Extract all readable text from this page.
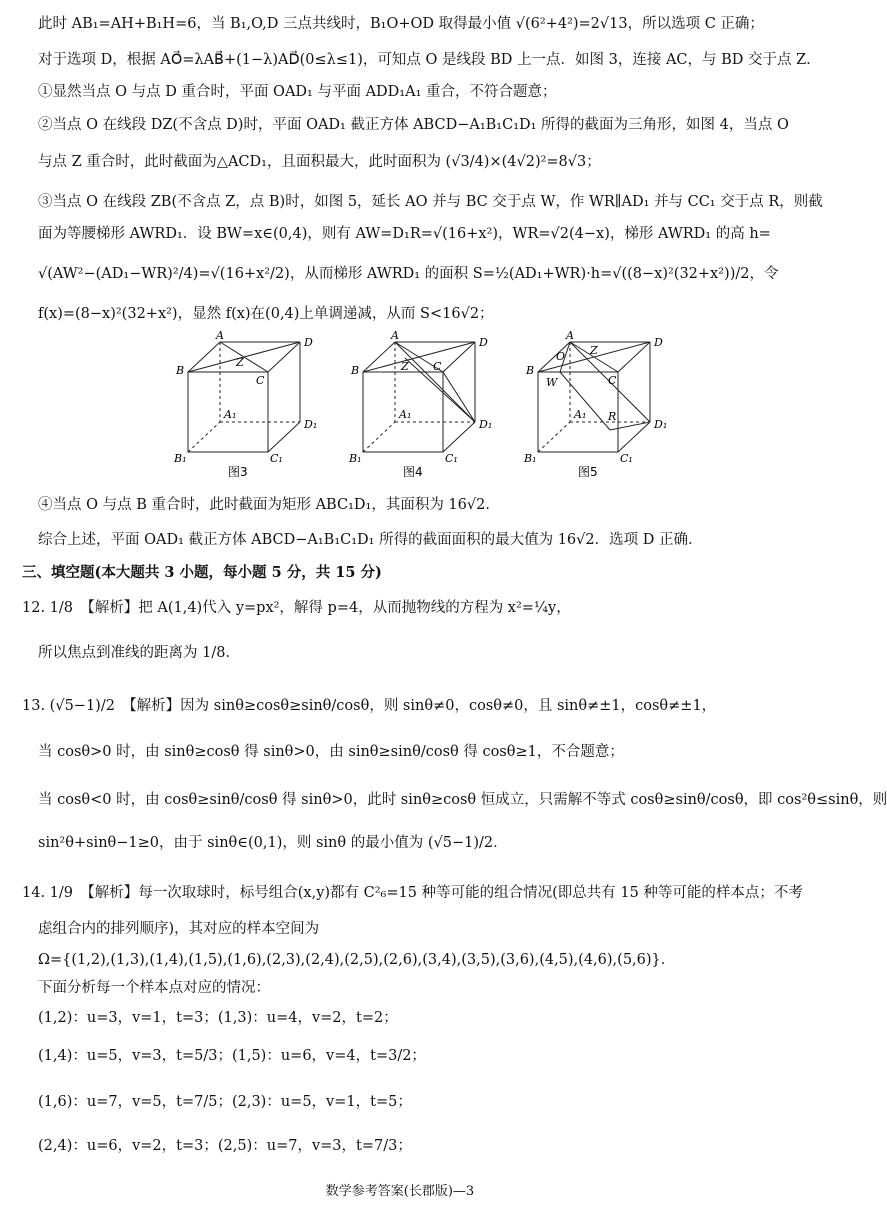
此时 AB₁=AH+B₁H=6，当 B₁,O,D 三点共线时，B₁O+OD 取得最小值 √(6²+4²)=2√13，所以选项 C 正确；
对于选项 D，根据 AO⃗=λAB⃗+(1−λ)AD⃗(0≤λ≤1)，可知点 O 是线段 BD 上一点．如图 3，连接 AC，与 BD 交于点 Z．
①显然当点 O 与点 D 重合时，平面 OAD₁ 与平面 ADD₁A₁ 重合，不符合题意；
②当点 O 在线段 DZ(不含点 D)时，平面 OAD₁ 截正方体 ABCD−A₁B₁C₁D₁ 所得的截面为三角形，如图 4，当点 O
与点 Z 重合时，此时截面为△ACD₁，且面积最大，此时面积为 (√3/4)×(4√2)²=8√3；
③当点 O 在线段 ZB(不含点 Z，点 B)时，如图 5，延长 AO 并与 BC 交于点 W，作 WR∥AD₁ 并与 CC₁ 交于点 R，则截
面为等腰梯形 AWRD₁．设 BW=x∈(0,4)，则有 AW=D₁R=√(16+x²)，WR=√2(4−x)，梯形 AWRD₁ 的高 h=
√(AW²−(AD₁−WR)²/4)=√(16+x²/2)，从而梯形 AWRD₁ 的面积 S=½(AD₁+WR)·h=√((8−x)²(32+x²))/2，令
f(x)=(8−x)²(32+x²)，显然 f(x)在(0,4)上单调递减，从而 S<16√2；
A
B
C
D
Z
A₁
B₁	C₁
D₁
图3
A
B	C
D
Z
A₁
B₁	C₁
D₁
图4
A
O Z
B
W	C
D
R
A₁
B₁	C₁
D₁
图5
④当点 O 与点 B 重合时，此时截面为矩形 ABC₁D₁，其面积为 16√2．
综合上述，平面 OAD₁ 截正方体 ABCD−A₁B₁C₁D₁ 所得的截面面积的最大值为 16√2．选项 D 正确．
三、填空题(本大题共 3 小题，每小题 5 分，共 15 分)
12. 1/8　【解析】把 A(1,4)代入 y=px²，解得 p=4，从而抛物线的方程为 x²=¼y，
所以焦点到准线的距离为 1/8．
13. (√5−1)/2　【解析】因为 sinθ≥cosθ≥sinθ/cosθ，则 sinθ≠0，cosθ≠0，且 sinθ≠±1，cosθ≠±1，
当 cosθ>0 时，由 sinθ≥cosθ 得 sinθ>0，由 sinθ≥sinθ/cosθ 得 cosθ≥1，不合题意；
当 cosθ<0 时，由 cosθ≥sinθ/cosθ 得 sinθ>0，此时 sinθ≥cosθ 恒成立，只需解不等式 cosθ≥sinθ/cosθ，即 cos²θ≤sinθ，则
sin²θ+sinθ−1≥0，由于 sinθ∈(0,1)，则 sinθ 的最小值为 (√5−1)/2．
14. 1/9　【解析】每一次取球时，标号组合(x,y)都有 C²₆=15 种等可能的组合情况(即总共有 15 种等可能的样本点；不考
虑组合内的排列顺序)，其对应的样本空间为
Ω={(1,2),(1,3),(1,4),(1,5),(1,6),(2,3),(2,4),(2,5),(2,6),(3,4),(3,5),(3,6),(4,5),(4,6),(5,6)}．
下面分析每一个样本点对应的情况：
(1,2)：u=3，v=1，t=3；(1,3)：u=4，v=2，t=2；
(1,4)：u=5，v=3，t=5/3；(1,5)：u=6，v=4，t=3/2；
(1,6)：u=7，v=5，t=7/5；(2,3)：u=5，v=1，t=5；
(2,4)：u=6，v=2，t=3；(2,5)：u=7，v=3，t=7/3；
数学参考答案(长郡版)—3
